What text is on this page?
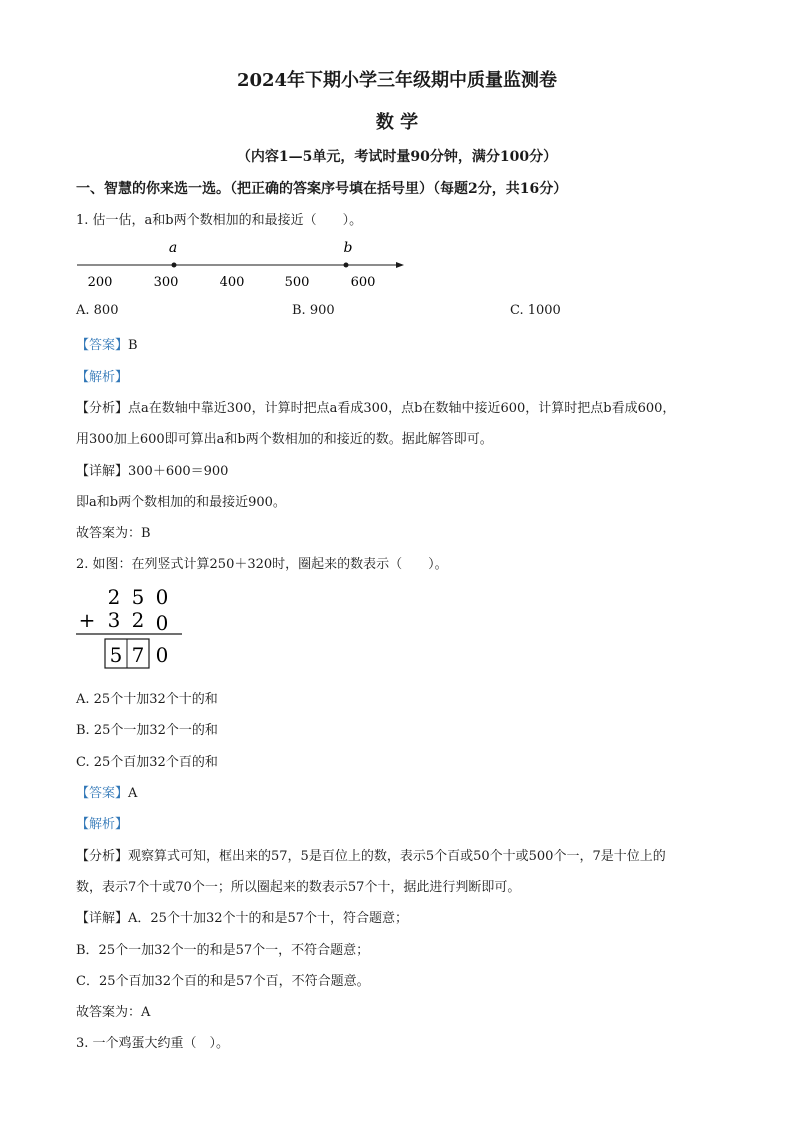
2024年下期小学三年级期中质量监测卷
数 学
（内容1—5单元，考试时量90分钟，满分100分）
一、智慧的你来选一选。（把正确的答案序号填在括号里）（每题2分，共16分）
1. 估一估，a和b两个数相加的和最接近（　　）。
a	b
200	300	400	500	600
A. 800	B. 900	C. 1000
【答案】B
【解析】
【分析】点a在数轴中靠近300，计算时把点a看成300，点b在数轴中接近600，计算时把点b看成600，
用300加上600即可算出a和b两个数相加的和接近的数。据此解答即可。
【详解】300＋600＝900
即a和b两个数相加的和最接近900。
故答案为：B
2. 如图：在列竖式计算250＋320时，圈起来的数表示（　　）。
2 5 0
+ 3 2 0
5 7 0
A. 25个十加32个十的和
B. 25个一加32个一的和
C. 25个百加32个百的和
【答案】A
【解析】
【分析】观察算式可知，框出来的57，5是百位上的数，表示5个百或50个十或500个一，7是十位上的
数，表示7个十或70个一；所以圈起来的数表示57个十，据此进行判断即可。
【详解】A．25个十加32个十的和是57个十，符合题意；
B．25个一加32个一的和是57个一，不符合题意；
C．25个百加32个百的和是57个百，不符合题意。
故答案为：A
3. 一个鸡蛋大约重（　）。
